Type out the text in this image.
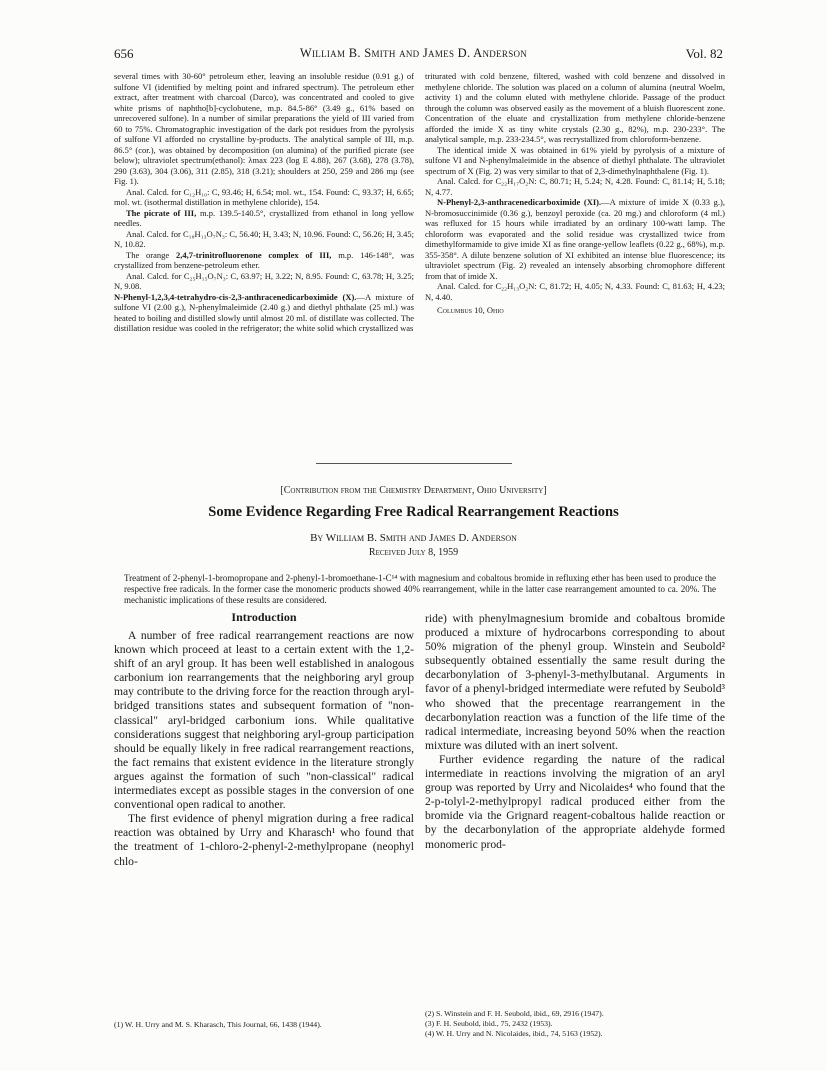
656	William B. Smith and James D. Anderson	Vol. 82

several times with 30-60° petroleum ether, leaving an insoluble residue (0.91 g.) of sulfone VI (identified by melting point and infrared spectrum). The petroleum ether extract, after treatment with charcoal (Darco), was concentrated and cooled to give white prisms of naphtho[b]-cyclobutene, m.p. 84.5-86° (3.49 g., 61% based on unrecovered sulfone). In a number of similar preparations the yield of III varied from 60 to 75%. Chromatographic investigation of the dark pot residues from the pyrolysis of sulfone VI afforded no crystalline by-products. The analytical sample of III, m.p. 86.5° (cor.), was obtained by decomposition (on alumina) of the purified picrate (see below); ultraviolet spectrum(ethanol): λmax 223 (log E 4.88), 267 (3.68), 278 (3.78), 290 (3.63), 304 (3.06), 311 (2.85), 318 (3.21); shoulders at 250, 259 and 286 mμ (see Fig. 1).

Anal. Calcd. for C₁₂H₁₀: C, 93.46; H, 6.54; mol. wt., 154. Found: C, 93.37; H, 6.65; mol. wt. (isothermal distillation in methylene chloride), 154.

The picrate of III, m.p. 139.5-140.5°, crystallized from ethanol in long yellow needles.

Anal. Calcd. for C₁₈H₁₃O₇N₃: C, 56.40; H, 3.43; N, 10.96. Found: C, 56.26; H, 3.45; N, 10.82.

The orange 2,4,7-trinitrofluorenone complex of III, m.p. 146-148°, was crystallized from benzene-petroleum ether.

Anal. Calcd. for C₂₅H₁₅O₇N₃: C, 63.97; H, 3.22; N, 8.95. Found: C, 63.78; H, 3.25; N, 9.08.

N-Phenyl-1,2,3,4-tetrahydro-cis-2,3-anthracenedicarboximide (X).—A mixture of sulfone VI (2.00 g.), N-phenylmaleimide (2.40 g.) and diethyl phthalate (25 ml.) was heated to boiling and distilled slowly until almost 20 ml. of distillate was collected. The distillation residue was cooled in the refrigerator; the white solid which crystallized was

triturated with cold benzene, filtered, washed with cold benzene and dissolved in methylene chloride. The solution was placed on a column of alumina (neutral Woelm, activity 1) and the column eluted with methylene chloride. Passage of the product through the column was observed easily as the movement of a bluish fluorescent zone. Concentration of the eluate and crystallization from methylene chloride-benzene afforded the imide X as tiny white crystals (2.30 g., 82%), m.p. 230-233°. The analytical sample, m.p. 233-234.5°, was recrystallized from chloroform-benzene.

The identical imide X was obtained in 61% yield by pyrolysis of a mixture of sulfone VI and N-phenylmaleimide in the absence of diethyl phthalate. The ultraviolet spectrum of X (Fig. 2) was very similar to that of 2,3-dimethylnaphthalene (Fig. 1).

Anal. Calcd. for C₂₂H₁₇O₂N: C, 80.71; H, 5.24; N, 4.28. Found: C, 81.14; H, 5.18; N, 4.77.

N-Phenyl-2,3-anthracenedicarboximide (XI).—A mixture of imide X (0.33 g.), N-bromosuccinimide (0.36 g.), benzoyl peroxide (ca. 20 mg.) and chloroform (4 ml.) was refluxed for 15 hours while irradiated by an ordinary 100-watt lamp. The chloroform was evaporated and the solid residue was crystallized twice from dimethylformamide to give imide XI as fine orange-yellow leaflets (0.22 g., 68%), m.p. 355-358°. A dilute benzene solution of XI exhibited an intense blue fluorescence; its ultraviolet spectrum (Fig. 2) revealed an intensely absorbing chromophore different from that of imide X.

Anal. Calcd. for C₂₂H₁₃O₂N: C, 81.72; H, 4.05; N, 4.33. Found: C, 81.63; H, 4.23; N, 4.40.

Columbus 10, Ohio

[Contribution from the Chemistry Department, Ohio University]
Some Evidence Regarding Free Radical Rearrangement Reactions
By William B. Smith and James D. Anderson
Received July 8, 1959
Treatment of 2-phenyl-1-bromopropane and 2-phenyl-1-bromoethane-1-C¹⁴ with magnesium and cobaltous bromide in refluxing ether has been used to produce the respective free radicals. In the former case the monomeric products showed 40% rearrangement, while in the latter case rearrangement amounted to ca. 20%. The mechanistic implications of these results are considered.
Introduction

A number of free radical rearrangement reactions are now known which proceed at least to a certain extent with the 1,2-shift of an aryl group. It has been well established in analogous carbonium ion rearrangements that the neighboring aryl group may contribute to the driving force for the reaction through aryl-bridged transitions states and subsequent formation of "non-classical" aryl-bridged carbonium ions. While qualitative considerations suggest that neighboring aryl-group participation should be equally likely in free radical rearrangement reactions, the fact remains that existent evidence in the literature strongly argues against the formation of such "non-classical" radical intermediates except as possible stages in the conversion of one conventional open radical to another.

The first evidence of phenyl migration during a free radical reaction was obtained by Urry and Kharasch¹ who found that the treatment of 1-chloro-2-phenyl-2-methylpropane (neophyl chlo-

ride) with phenylmagnesium bromide and cobaltous bromide produced a mixture of hydrocarbons corresponding to about 50% migration of the phenyl group. Winstein and Seubold² subsequently obtained essentially the same result during the decarbonylation of 3-phenyl-3-methylbutanal. Arguments in favor of a phenyl-bridged intermediate were refuted by Seubold³ who showed that the precentage rearrangement in the decarbonylation reaction was a function of the life time of the radical intermediate, increasing beyond 50% when the reaction mixture was diluted with an inert solvent.

Further evidence regarding the nature of the radical intermediate in reactions involving the migration of an aryl group was reported by Urry and Nicolaides⁴ who found that the 2-p-tolyl-2-methylpropyl radical produced either from the bromide via the Grignard reagent-cobaltous halide reaction or by the decarbonylation of the appropriate aldehyde formed monomeric prod-

(1) W. H. Urry and M. S. Kharasch, This Journal, 66, 1438 (1944).

(2) S. Winstein and F. H. Seubold, ibid., 69, 2916 (1947).

(3) F. H. Seubold, ibid., 75, 2432 (1953).

(4) W. H. Urry and N. Nicolaides, ibid., 74, 5163 (1952).
